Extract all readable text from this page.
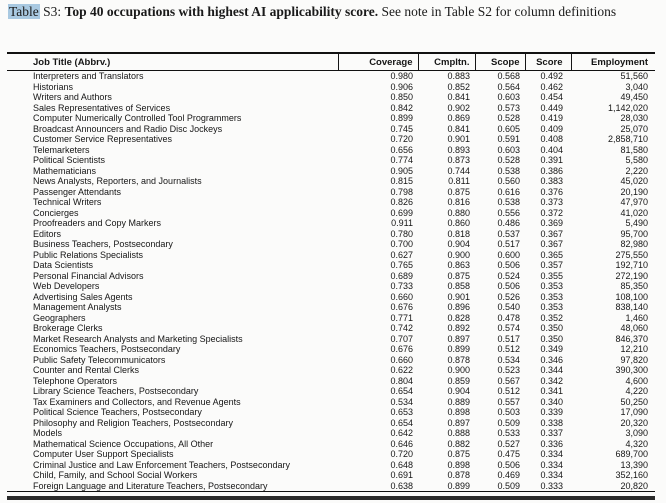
Table S3: Top 40 occupations with highest AI applicability score. See note in Table S2 for column definitions

Job Title (Abbrv.)	Coverage	Cmpltn.	Scope	Score	Employment
Interpreters and Translators	0.980	0.883	0.568	0.492	51,560
Historians	0.906	0.852	0.564	0.462	3,040
Writers and Authors	0.850	0.841	0.603	0.454	49,450
Sales Representatives of Services	0.842	0.902	0.573	0.449	1,142,020
Computer Numerically Controlled Tool Programmers	0.899	0.869	0.528	0.419	28,030
Broadcast Announcers and Radio Disc Jockeys	0.745	0.841	0.605	0.409	25,070
Customer Service Representatives	0.720	0.901	0.591	0.408	2,858,710
Telemarketers	0.656	0.893	0.603	0.404	81,580
Political Scientists	0.774	0.873	0.528	0.391	5,580
Mathematicians	0.905	0.744	0.538	0.386	2,220
News Analysts, Reporters, and Journalists	0.815	0.811	0.560	0.383	45,020
Passenger Attendants	0.798	0.875	0.616	0.376	20,190
Technical Writers	0.826	0.816	0.538	0.373	47,970
Concierges	0.699	0.880	0.556	0.372	41,020
Proofreaders and Copy Markers	0.911	0.860	0.486	0.369	5,490
Editors	0.780	0.818	0.537	0.367	95,700
Business Teachers, Postsecondary	0.700	0.904	0.517	0.367	82,980
Public Relations Specialists	0.627	0.900	0.600	0.365	275,550
Data Scientists	0.765	0.863	0.506	0.357	192,710
Personal Financial Advisors	0.689	0.875	0.524	0.355	272,190
Web Developers	0.733	0.858	0.506	0.353	85,350
Advertising Sales Agents	0.660	0.901	0.526	0.353	108,100
Management Analysts	0.676	0.896	0.540	0.353	838,140
Geographers	0.771	0.828	0.478	0.352	1,460
Brokerage Clerks	0.742	0.892	0.574	0.350	48,060
Market Research Analysts and Marketing Specialists	0.707	0.897	0.517	0.350	846,370
Economics Teachers, Postsecondary	0.676	0.899	0.512	0.349	12,210
Public Safety Telecommunicators	0.660	0.878	0.534	0.346	97,820
Counter and Rental Clerks	0.622	0.900	0.523	0.344	390,300
Telephone Operators	0.804	0.859	0.567	0.342	4,600
Library Science Teachers, Postsecondary	0.654	0.904	0.512	0.341	4,220
Tax Examiners and Collectors, and Revenue Agents	0.534	0.889	0.557	0.340	50,250
Political Science Teachers, Postsecondary	0.653	0.898	0.503	0.339	17,090
Philosophy and Religion Teachers, Postsecondary	0.654	0.897	0.509	0.338	20,320
Models	0.642	0.888	0.533	0.337	3,090
Mathematical Science Occupations, All Other	0.646	0.882	0.527	0.336	4,320
Computer User Support Specialists	0.720	0.875	0.475	0.334	689,700
Criminal Justice and Law Enforcement Teachers, Postsecondary	0.648	0.898	0.506	0.334	13,390
Child, Family, and School Social Workers	0.691	0.878	0.469	0.334	352,160
Foreign Language and Literature Teachers, Postsecondary	0.638	0.899	0.509	0.333	20,820
